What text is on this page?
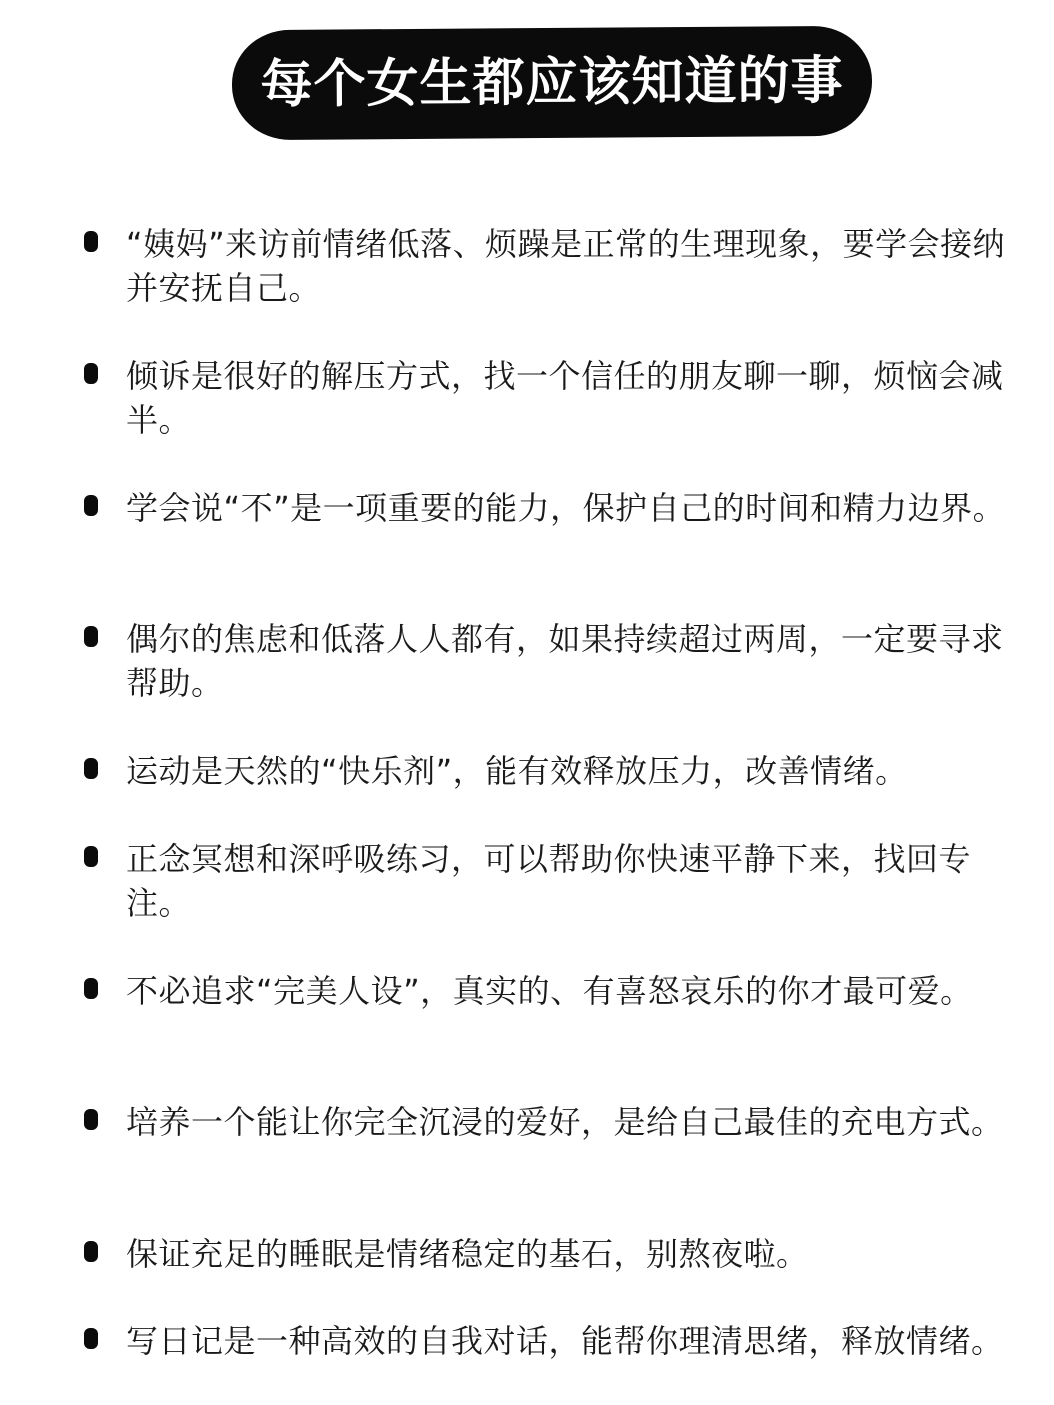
每个女生都应该知道的事
“姨妈”来访前情绪低落、烦躁是正常的生理现象，要学会接纳并安抚自己。
倾诉是很好的解压方式，找一个信任的朋友聊一聊，烦恼会减半。
学会说“不”是一项重要的能力，保护自己的时间和精力边界。
偶尔的焦虑和低落人人都有，如果持续超过两周，一定要寻求帮助。
运动是天然的“快乐剂”，能有效释放压力，改善情绪。
正念冥想和深呼吸练习，可以帮助你快速平静下来，找回专注。
不必追求“完美人设”，真实的、有喜怒哀乐的你才最可爱。
培养一个能让你完全沉浸的爱好，是给自己最佳的充电方式。
保证充足的睡眠是情绪稳定的基石，别熬夜啦。
写日记是一种高效的自我对话，能帮你理清思绪，释放情绪。
